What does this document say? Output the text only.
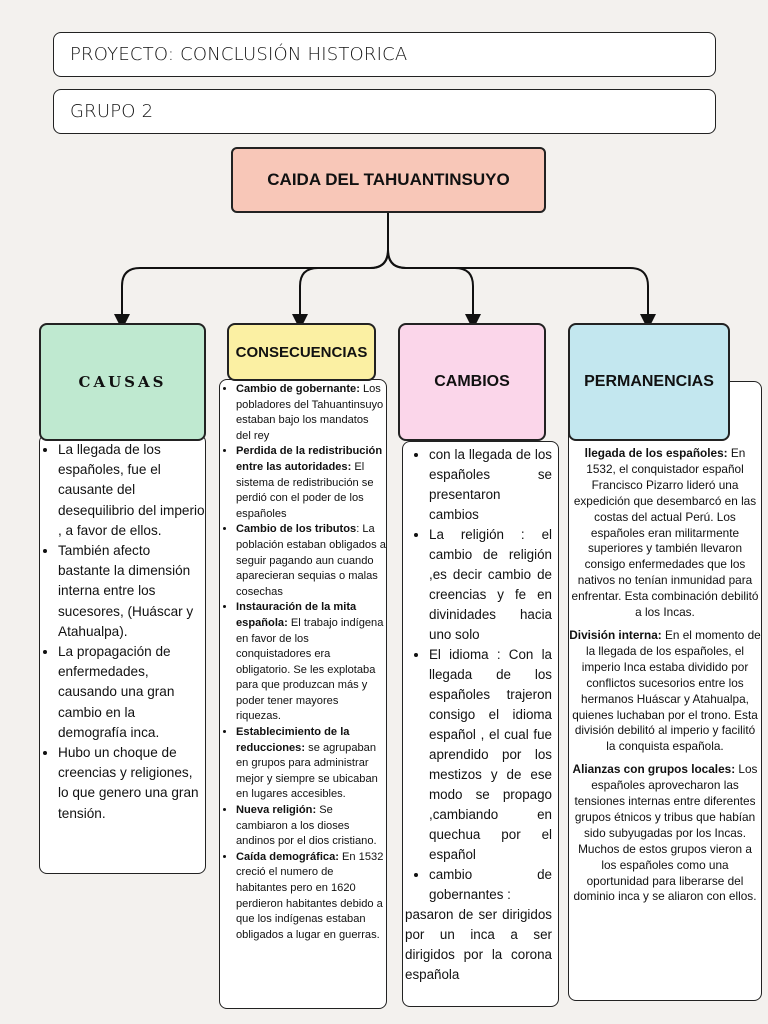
PROYECTO: CONCLUSIÓN HISTORICA
GRUPO 2
CAIDA DEL TAHUANTINSUYO
• La llegada de los españoles, fue el causante del desequilibrio del imperio , a favor de ellos.
• También afecto bastante la dimensión interna entre los sucesores, (Huáscar y Atahualpa).
• La propagación de enfermedades, causando una gran cambio en la demografía inca.
• Hubo un choque de creencias y religiones, lo que genero una gran tensión.
CAUSAS
•	Cambio de gobernante: Los pobladores del Tahuantinsuyo estaban bajo los mandatos del rey
• Perdida de la redistribución entre las autoridades: El sistema de redistribución se perdió con el poder de los españoles
• Cambio de los tributos: La población estaban obligados a seguir pagando aun cuando aparecieran sequias o malas cosechas
• Instauración de la mita española: El trabajo indígena en favor de los conquistadores era obligatorio. Se les explotaba para que produzcan más y poder tener mayores riquezas.
• Establecimiento de la reducciones: se agrupaban en grupos para administrar mejor y siempre se ubicaban en lugares accesibles.
• Nueva religión: Se cambiaron a los dioses andinos por el dios cristiano.
• Caída demográfica: En 1532 creció el numero de habitantes pero en 1620 perdieron habitantes debido a que los indígenas estaban obligados a lugar en guerras.
CONSECUENCIAS
• con la llegada de los españoles se presentaron cambios
• La religión : el cambio de religión ,es decir cambio de creencias y fe en divinidades hacia uno solo
• El idioma : Con la llegada de los españoles trajeron consigo el idioma español , el cual fue aprendido por los mestizos y de ese modo se propago ,cambiando en quechua por el español
• cambio de gobernantes :
pasaron de ser dirigidos por un inca a ser dirigidos por la corona española
CAMBIOS

llegada de los españoles: En 1532, el conquistador español Francisco Pizarro lideró una expedición que desembarcó en las costas del actual Perú. Los españoles eran militarmente superiores y también llevaron consigo enfermedades que los nativos no tenían inmunidad para enfrentar. Esta combinación debilitó a los Incas.

División interna: En el momento de la llegada de los españoles, el imperio Inca estaba dividido por conflictos sucesorios entre los hermanos Huáscar y Atahualpa, quienes luchaban por el trono. Esta división debilitó al imperio y facilitó la conquista española.

Alianzas con grupos locales: Los españoles aprovecharon las tensiones internas entre diferentes grupos étnicos y tribus que habían sido subyugadas por los Incas. Muchos de estos grupos vieron a los españoles como una oportunidad para liberarse del dominio inca y se aliaron con ellos.

PERMANENCIAS
